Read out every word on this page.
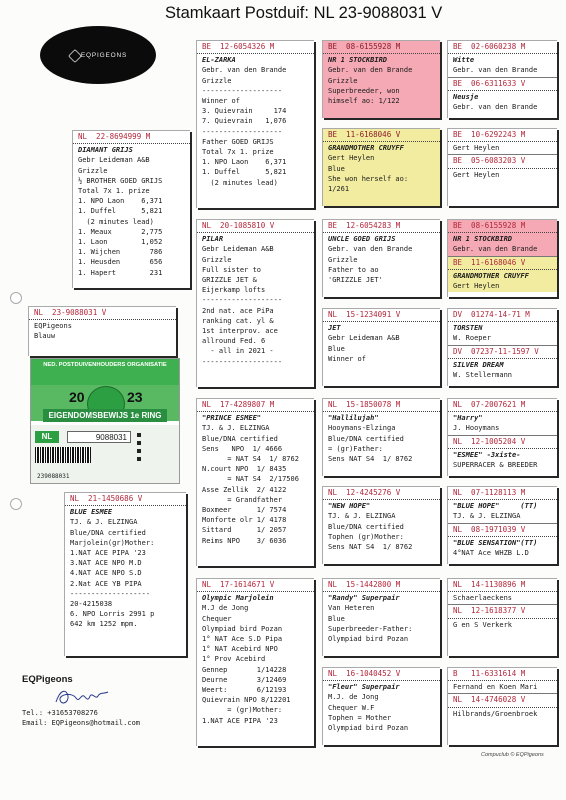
Stamkaart Postduif: NL 23-9088031 V
EQPIGEONS
NL  23-9088031 V
EQPigeons
Blauw
NED. POSTDUIVENHOUDERS ORGANISATIE
20	23
EIGENDOMSBEWIJS 1e RING
NL	9088031
239088031
NL  22-8694999 M
DIAMANT GRIJS
Gebr Leideman A&B
Grizzle
½ BROTHER GOED GRIJS
Total 7x 1. prize
1. NPO Laon    6,371
1. Duffel      5,821
(2 minutes lead)
1. Meaux       2,775
1. Laon        1,052
1. Wijchen       786
1. Heusden       656
1. Hapert        231
NL  21-1450686 V
BLUE ESMEE
TJ. & J. ELZINGA
Blue/DNA certified
Marjolein(gr)Mother:
1.NAT ACE PIPA '23
3.NAT ACE NPO M.D
4.NAT ACE NPO S.D
2.Nat ACE YB PIPA
-------------------
20-4215038
6. NPO Lorris 2991 p
642 km 1252 mpm.
BE  12-6054326 M
EL-ZARKA
Gebr. van den Brande
Grizzle
-------------------
Winner of
3. Quievrain     174
7. Quievrain   1,076
-------------------
Father GOED GRIJS
Total 7x 1. prize
1. NPO Laon    6,371
1. Duffel      5,821
(2 minutes lead)
NL  20-1085810 V
PILAR
Gebr Leideman A&B
Grizzle
Full sister to
GRIZZLE JET &
Eijerkamp lofts
-------------------
2nd nat. ace PiPa
ranking cat. yl &
1st interprov. ace
allround Fed. 6
- all in 2021 -
-------------------
NL  17-4289807 M
"PRINCE ESMEE"
TJ. & J. ELZINGA
Blue/DNA certified
Sens   NPO  1/ 4666
= NAT S4  1/ 8762
N.court NPO  1/ 8435
= NAT S4  2/17506
Asse Zellik  2/ 4122
= Grandfather
Boxmeer      1/ 7574
Monforte olr 1/ 4178
Sittard      1/ 2057
Reims NPO    3/ 6036
NL  17-1614671 V
Olympic Marjolein
M.J de Jong
Chequer
Olympiad bird Pozan
1° NAT Ace S.D Pipa
1° NAT Acebird NPO
1° Prov Acebird
Gennep       1/14228
Deurne       3/12469
Weert:       6/12193
Quievrain NPO 8/12201
= (gr)Mother:
1.NAT ACE PIPA '23
BE  08-6155928 M
NR 1 STOCKBIRD
Gebr. van den Brande
Grizzle
Superbreeder, won
himself ao: 1/122
BE  11-6168046 V
GRANDMOTHER CRUYFF
Gert Heylen
Blue
She won herself ao:
1/261
BE  12-6054283 M
UNCLE GOED GRIJS
Gebr. van den Brande
Grizzle
Father to ao
'GRIZZLE JET'
NL  15-1234091 V
JET
Gebr Leideman A&B
Blue
Winner of
NL  15-1850078 M
"Hallilujah"
Hooymans-Elzinga
Blue/DNA certified
= (gr)Father:
Sens NAT S4  1/ 8762
NL  12-4245276 V
"NEW HOPE"
TJ. & J. ELZINGA
Blue/DNA certified
Tophen (gr)Mother:
Sens NAT S4  1/ 8762
NL  15-1442800 M
"Randy" Superpair
Van Heteren
Blue
Superbreeder-Father:
Olympiad bird Pozan
NL  16-1040452 V
"Fleur" Superpair
M.J. de Jong
Chequer W.F
Tophen = Mother
Olympiad bird Pozan
BE  02-6060238 M
Witte
Gebr. van den Brande
BE  06-6311633 V
Neusje
Gebr. van den Brande
BE  10-6292243 M
Gert Heylen
BE  05-6083203 V
Gert Heylen
BE  08-6155928 M
NR 1 STOCKBIRD
Gebr. van den Brande
BE  11-6168046 V
GRANDMOTHER CRUYFF
Gert Heylen
DV  01274-14-71 M
TORSTEN
W. Roeper
DV  07237-11-1597 V
SILVER DREAM
W. Stellermann
NL  07-2007621 M
"Harry"
J. Hooymans
NL  12-1005204 V
"ESMEE" -3xiste-
SUPERRACER & BREEDER
NL  07-1128113 M
"BLUE HOPE"     (TT)
TJ. & J. ELZINGA
NL  08-1971039 V
"BLUE SENSATION"(TT)
4°NAT Ace WHZB L.D
NL  14-1130896 M
Schaerlaeckens
NL  12-1618377 V
G en S Verkerk
B   11-6331614 M
Fernand en Koen Mari
NL  14-4746028 V
Hilbrands/Groenbroek
EQPigeons
Tel.: +31653708276
Email: EQPigeons@hotmail.com
Compuclub © EQPigeons
